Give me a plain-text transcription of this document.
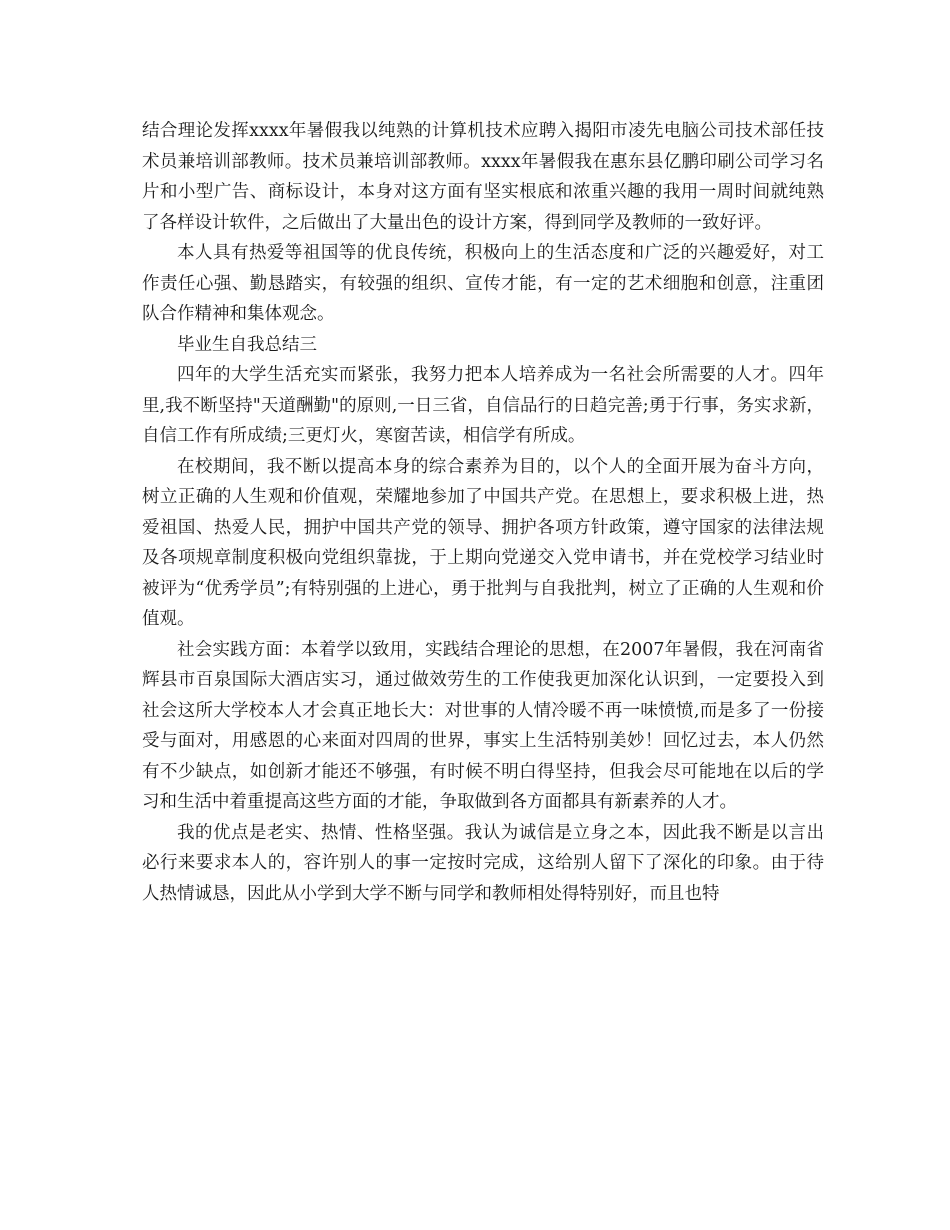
结合理论发挥xxxx年暑假我以纯熟的计算机技术应聘入揭阳市凌先电脑公司技术部任技术员兼培训部教师。技术员兼培训部教师。xxxx年暑假我在惠东县亿鹏印刷公司学习名片和小型广告、商标设计，本身对这方面有坚实根底和浓重兴趣的我用一周时间就纯熟了各样设计软件，之后做出了大量出色的设计方案，得到同学及教师的一致好评。

本人具有热爱等祖国等的优良传统，积极向上的生活态度和广泛的兴趣爱好，对工作责任心强、勤恳踏实，有较强的组织、宣传才能，有一定的艺术细胞和创意，注重团队合作精神和集体观念。

毕业生自我总结三

四年的大学生活充实而紧张，我努力把本人培养成为一名社会所需要的人才。四年里,我不断坚持"天道酬勤"的原则,一日三省，自信品行的日趋完善;勇于行事，务实求新，自信工作有所成绩;三更灯火，寒窗苦读，相信学有所成。

在校期间，我不断以提高本身的综合素养为目的，以个人的全面开展为奋斗方向，树立正确的人生观和价值观，荣耀地参加了中国共产党。在思想上，要求积极上进，热爱祖国、热爱人民，拥护中国共产党的领导、拥护各项方针政策，遵守国家的法律法规及各项规章制度积极向党组织靠拢，于上期向党递交入党申请书，并在党校学习结业时被评为“优秀学员”;有特别强的上进心，勇于批判与自我批判，树立了正确的人生观和价值观。

社会实践方面：本着学以致用，实践结合理论的思想，在2007年暑假，我在河南省辉县市百泉国际大酒店实习，通过做效劳生的工作使我更加深化认识到，一定要投入到社会这所大学校本人才会真正地长大：对世事的人情冷暖不再一味愤愤,而是多了一份接受与面对，用感恩的心来面对四周的世界，事实上生活特别美妙！回忆过去，本人仍然有不少缺点，如创新才能还不够强，有时候不明白得坚持，但我会尽可能地在以后的学习和生活中着重提高这些方面的才能，争取做到各方面都具有新素养的人才。

我的优点是老实、热情、性格坚强。我认为诚信是立身之本，因此我不断是以言出必行来要求本人的，容许别人的事一定按时完成，这给别人留下了深化的印象。由于待人热情诚恳，因此从小学到大学不断与同学和教师相处得特别好，而且也特
